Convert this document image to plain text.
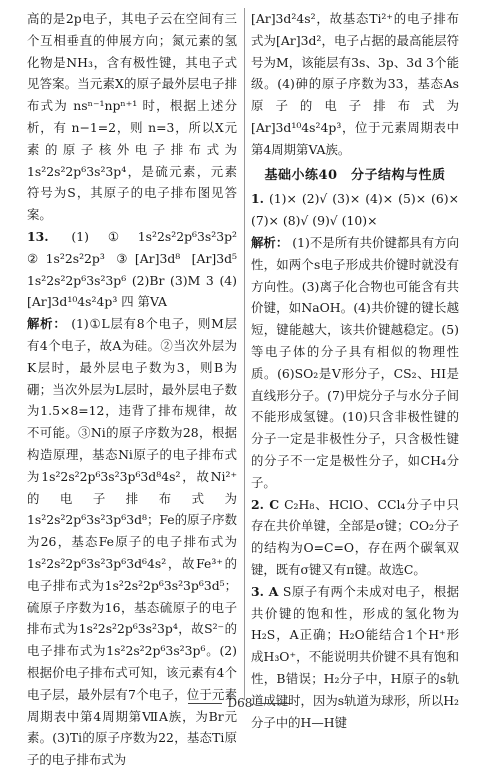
高的是2p电子，其电子云在空间有三个互相垂直的伸展方向；氮元素的氢化物是NH₃，含有极性键，其电子式见答案。当元素X的原子最外层电子排布式为 nsⁿ⁻¹npⁿ⁺¹ 时，根据上述分析，有 n−1=2，则 n=3，所以X元素的原子核外电子排布式为 1s²2s²2p⁶3s²3p⁴，是硫元素，元素符号为S，其原子的电子排布图见答案。

13. (1)①1s²2s²2p⁶3s²3p² ②1s²2s²2p³ ③[Ar]3d⁸ [Ar]3d⁵ 1s²2s²2p⁶3s²3p⁶ (2)Br (3)M 3 (4)[Ar]3d¹⁰4s²4p³ 四 第VA

解析： (1)①L层有8个电子，则M层有4个电子，故A为硅。②当次外层为K层时，最外层电子数为3，则B为硼；当次外层为L层时，最外层电子数为1.5×8=12，违背了排布规律，故不可能。③Ni的原子序数为28，根据构造原理，基态Ni原子的电子排布式为1s²2s²2p⁶3s²3p⁶3d⁸4s²，故Ni²⁺的电子排布式为1s²2s²2p⁶3s²3p⁶3d⁸；Fe的原子序数为26，基态Fe原子的电子排布式为1s²2s²2p⁶3s²3p⁶3d⁶4s²，故Fe³⁺的电子排布式为1s²2s²2p⁶3s²3p⁶3d⁵；硫原子序数为16，基态硫原子的电子排布式为1s²2s²2p⁶3s²3p⁴，故S²⁻的电子排布式为1s²2s²2p⁶3s²3p⁶。(2)根据价电子排布式可知，该元素有4个电子层，最外层有7个电子，位于元素周期表中第4周期第ⅦA族，为Br元素。(3)Ti的原子序数为22，基态Ti原子的电子排布式为

[Ar]3d²4s²，故基态Ti²⁺的电子排布式为[Ar]3d²，电子占据的最高能层符号为M，该能层有3s、3p、3d 3个能级。(4)砷的原子序数为33，基态As原子的电子排布式为[Ar]3d¹⁰4s²4p³，位于元素周期表中第4周期第VA族。

基础小练40　分子结构与性质

1. (1)× (2)√ (3)× (4)× (5)× (6)× (7)× (8)√ (9)√ (10)×

解析： (1)不是所有共价键都具有方向性，如两个s电子形成共价键时就没有方向性。(3)离子化合物也可能含有共价键，如NaOH。(4)共价键的键长越短，键能越大，该共价键越稳定。(5)等电子体的分子具有相似的物理性质。(6)SO₂是V形分子，CS₂、HI是直线形分子。(7)甲烷分子与水分子间不能形成氢键。(10)只含非极性键的分子一定是非极性分子，只含极性键的分子不一定是极性分子，如CH₄分子。

2. C C₂H₈、HClO、CCl₄分子中只存在共价单键，全部是σ键；CO₂分子的结构为O=C=O，存在两个碳氧双键，既有σ键又有π键。故选C。

3. A S原子有两个未成对电子，根据共价键的饱和性，形成的氢化物为H₂S，A正确；H₂O能结合1个H⁺形成H₃O⁺，不能说明共价键不具有饱和性，B错误；H₂分子中，H原子的s轨道成键时，因为s轨道为球形，所以H₂分子中的H—H键

D68
